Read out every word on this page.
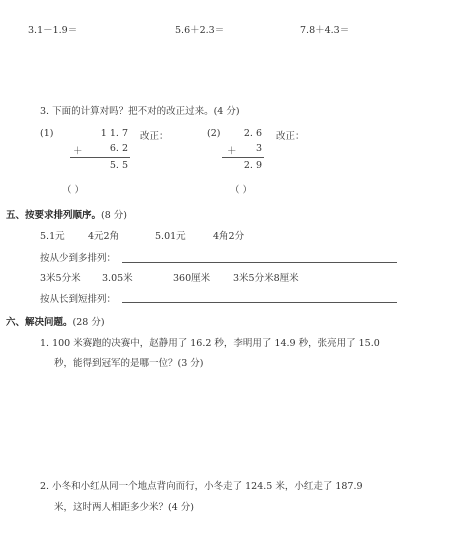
3.1－1.9＝	5.6＋2.3＝	7.8＋4.3＝
3. 下面的计算对吗？把不对的改正过来。(4 分)
(1)	1 1. 7 改正：
＋	6. 2
5. 5
（ ）
(2)	2. 6 改正：
＋	3
2. 9
（ ）
五、按要求排列顺序。(8 分)
5.1元 4元2角	5.01元	4角2分
按从少到多排列：
3米5分米 3.05米	360厘米 3米5分米8厘米
按从长到短排列：
六、解决问题。(28 分)
1. 100 米赛跑的决赛中，赵静用了 16.2 秒，李明用了 14.9 秒，张亮用了 15.0
秒，能得到冠军的是哪一位？(3 分)
2. 小冬和小红从同一个地点背向而行，小冬走了 124.5 米，小红走了 187.9
米，这时两人相距多少米？(4 分)
